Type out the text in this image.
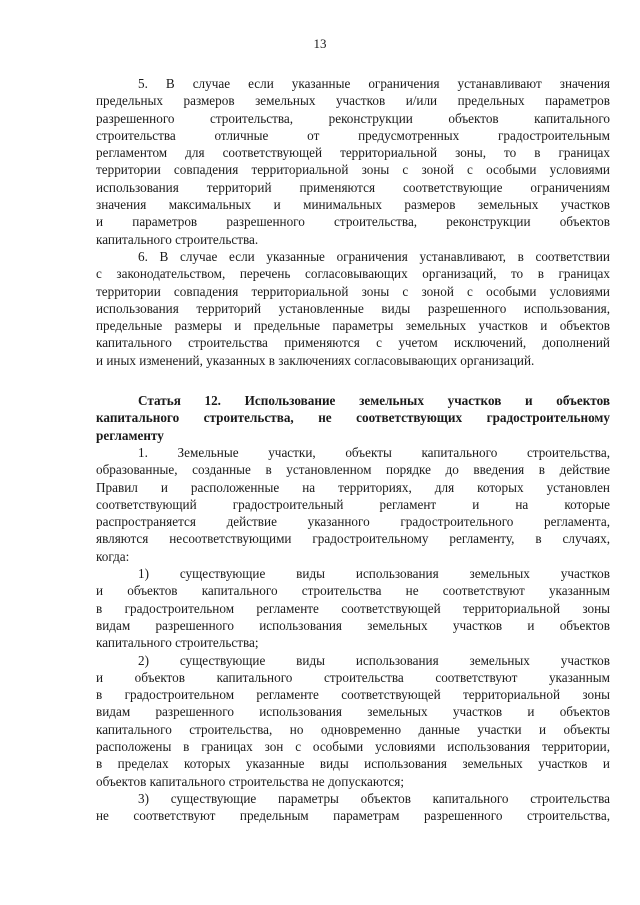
13
5. В случае если указанные ограничения устанавливают значения
предельных размеров земельных участков и/или предельных параметров
разрешенного строительства, реконструкции объектов капитального
строительства отличные от предусмотренных градостроительным
регламентом для соответствующей территориальной зоны, то в границах
территории совпадения территориальной зоны с зоной с особыми условиями
использования территорий применяются соответствующие ограничениям
значения максимальных и минимальных размеров земельных участков
и параметров разрешенного строительства, реконструкции объектов
капитального строительства.
6. В случае если указанные ограничения устанавливают, в соответствии
с законодательством, перечень согласовывающих организаций, то в границах
территории совпадения территориальной зоны с зоной с особыми условиями
использования территорий установленные виды разрешенного использования,
предельные размеры и предельные параметры земельных участков и объектов
капитального строительства применяются с учетом исключений, дополнений
и иных изменений, указанных в заключениях согласовывающих организаций.
Статья 12. Использование земельных участков и объектов
капитального строительства, не соответствующих градостроительному
регламенту
1. Земельные участки, объекты капитального строительства,
образованные, созданные в установленном порядке до введения в действие
Правил и расположенные на территориях, для которых установлен
соответствующий градостроительный регламент и на которые
распространяется действие указанного градостроительного регламента,
являются несоответствующими градостроительному регламенту, в случаях,
когда:
1) существующие виды использования земельных участков
и объектов капитального строительства не соответствуют указанным
в градостроительном регламенте соответствующей территориальной зоны
видам разрешенного использования земельных участков и объектов
капитального строительства;
2) существующие виды использования земельных участков
и объектов капитального строительства соответствуют указанным
в градостроительном регламенте соответствующей территориальной зоны
видам разрешенного использования земельных участков и объектов
капитального строительства, но одновременно данные участки и объекты
расположены в границах зон с особыми условиями использования территории,
в пределах которых указанные виды использования земельных участков и
объектов капитального строительства не допускаются;
3) существующие параметры объектов капитального строительства
не соответствуют предельным параметрам разрешенного строительства,
